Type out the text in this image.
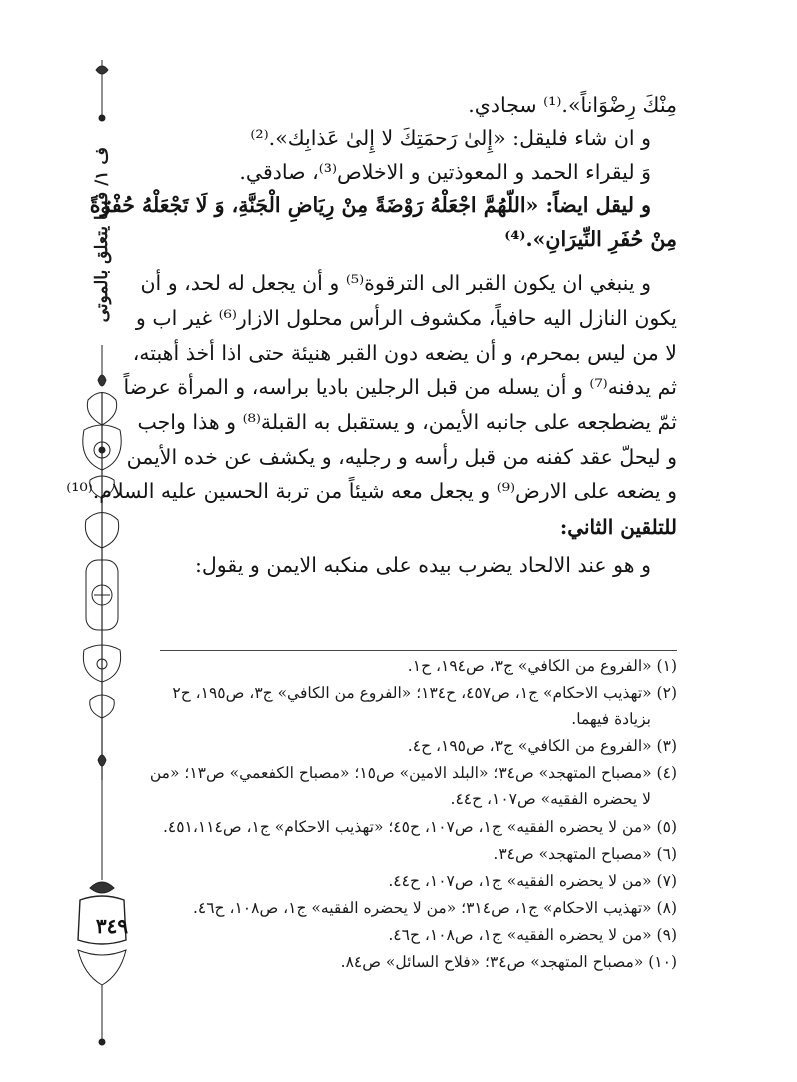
ف ١/ فيما يتعلق بالموتى
٣٤٩
مِنْكَ رِضْوَاناً».⁽¹⁾ سجادي.
و ان شاء فليقل: «إِلىٰ رَحمَتِكَ لا إِلىٰ عَذابِك».⁽²⁾
وَ ليقراء الحمد و المعوذتين و الاخلاص⁽³⁾، صادقي.
و ليقل ايضاً: «اللّهُمَّ اجْعَلْهُ رَوْضَةً مِنْ رِيَاضِ الْجَنَّةِ، وَ لَا تَجْعَلْهُ حُفْرَةً
مِنْ حُفَرِ النِّيرَانِ».⁽⁴⁾
و ينبغي ان يكون القبر الى الترقوة⁽⁵⁾ و أن يجعل له لحد، و أن
يكون النازل اليه حافياً، مكشوف الرأس محلول الازار⁽⁶⁾ غير اب و
لا من ليس بمحرم، و أن يضعه دون القبر هنيئة حتى اذا أخذ أهبته،
ثم يدفنه⁽⁷⁾ و أن يسله من قبل الرجلين باديا براسه، و المرأة عرضاً
ثمّ يضطجعه على جانبه الأيمن، و يستقبل به القبلة⁽⁸⁾ و هذا واجب
و ليحلّ عقد كفنه من قبل رأسه و رجليه، و يكشف عن خده الأيمن
و يضعه على الارض⁽⁹⁾ و يجعل معه شيئاً من تربة الحسين عليه السلام.⁽¹⁰⁾
للتلقين الثاني:
و هو عند الالحاد يضرب بيده على منكبه الايمن و يقول:
(١) «الفروع من الكافي» ج٣، ص١٩٤، ح١.
(٢) «تهذيب الاحكام» ج١، ص٤٥٧، ح١٣٤؛ «الفروع من الكافي» ج٣، ص١٩٥، ح٢
بزيادة فيهما.
(٣) «الفروع من الكافي» ج٣، ص١٩٥، ح٤.
(٤) «مصباح المتهجد» ص٣٤؛ «البلد الامين» ص١٥؛ «مصباح الكفعمي» ص١٣؛ «من
لا يحضره الفقيه» ص١٠٧، ح٤٤.
(٥) «من لا يحضره الفقيه» ج١، ص١٠٧، ح٤٥؛ «تهذيب الاحكام» ج١، ص٤٥١،١١٤.
(٦) «مصباح المتهجد» ص٣٤.
(٧) «من لا يحضره الفقيه» ج١، ص١٠٧، ح٤٤.
(٨) «تهذيب الاحكام» ج١، ص٣١٤؛ «من لا يحضره الفقيه» ج١، ص١٠٨، ح٤٦.
(٩) «من لا يحضره الفقيه» ج١، ص١٠٨، ح٤٦.
(١٠) «مصباح المتهجد» ص٣٤؛ «فلاح السائل» ص٨٤.
